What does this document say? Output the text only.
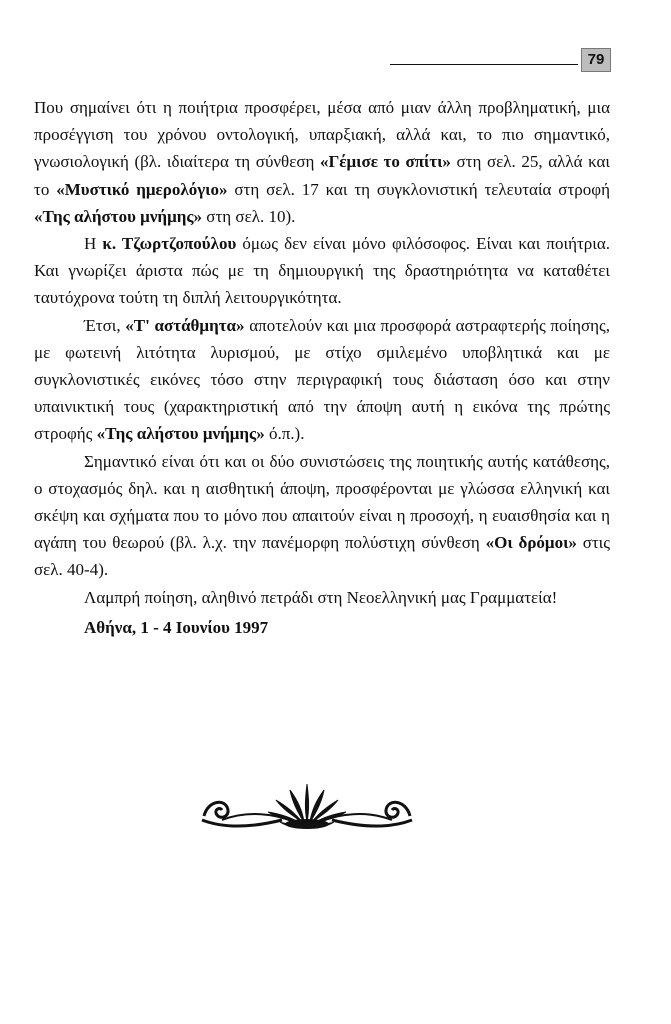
79

Που σημαίνει ότι η ποιήτρια προσφέρει, μέσα από μιαν άλλη προβληματική, μια προσέγγιση του χρόνου οντολογική, υπαρξιακή, αλλά και, το πιο σημαντικό, γνωσιολογική (βλ. ιδιαίτερα τη σύνθεση «Γέμισε το σπίτι» στη σελ. 25, αλλά και το «Μυστικό ημερολόγιο» στη σελ. 17 και τη συγκλονιστική τελευταία στροφή «Της αλήστου μνήμης» στη σελ. 10).

Η κ. Τζωρτζοπούλου όμως δεν είναι μόνο φιλόσοφος. Είναι και ποιήτρια. Και γνωρίζει άριστα πώς με τη δημιουργική της δραστηριότητα να καταθέτει ταυτόχρονα τούτη τη διπλή λειτουργικότητα.

Έτσι, «Τ' αστάθμητα» αποτελούν και μια προσφορά αστραφτερής ποίησης, με φωτεινή λιτότητα λυρισμού, με στίχο σμιλεμένο υποβλητικά και με συγκλονιστικές εικόνες τόσο στην περιγραφική τους διάσταση όσο και στην υπαινικτική τους (χαρακτηριστική από την άποψη αυτή η εικόνα της πρώτης στροφής «Της αλήστου μνήμης» ό.π.).

Σημαντικό είναι ότι και οι δύο συνιστώσεις της ποιητικής αυτής κατάθεσης, ο στοχασμός δηλ. και η αισθητική άποψη, προσφέρονται με γλώσσα ελληνική και σκέψη και σχήματα που το μόνο που απαιτούν είναι η προσοχή, η ευαισθησία και η αγάπη του θεωρού (βλ. λ.χ. την πανέμορφη πολύστιχη σύνθεση «Οι δρόμοι» στις σελ. 40-4).

Λαμπρή ποίηση, αληθινό πετράδι στη Νεοελληνική μας Γραμματεία!

Αθήνα, 1 - 4 Ιουνίου 1997
